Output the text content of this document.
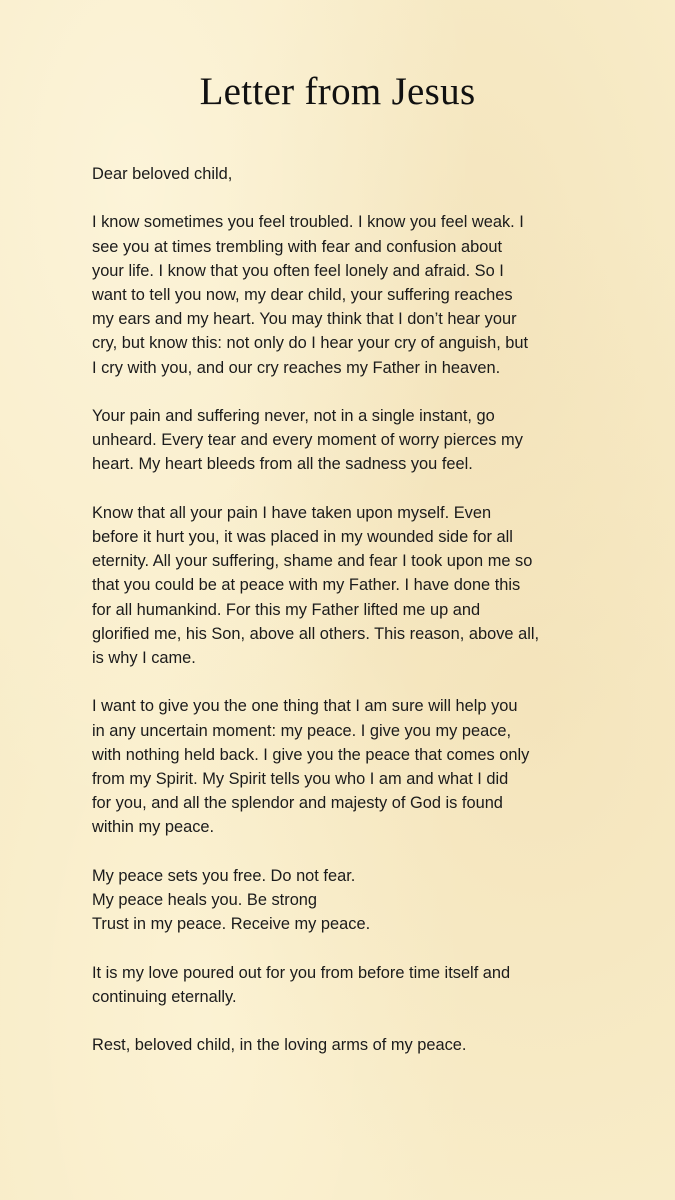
Letter from Jesus

Dear beloved child,

I know sometimes you feel troubled. I know you feel weak. I
see you at times trembling with fear and confusion about
your life. I know that you often feel lonely and afraid. So I
want to tell you now, my dear child, your suffering reaches
my ears and my heart. You may think that I don’t hear your
cry, but know this: not only do I hear your cry of anguish, but
I cry with you, and our cry reaches my Father in heaven.

Your pain and suffering never, not in a single instant, go
unheard. Every tear and every moment of worry pierces my
heart. My heart bleeds from all the sadness you feel.

Know that all your pain I have taken upon myself. Even
before it hurt you, it was placed in my wounded side for all
eternity. All your suffering, shame and fear I took upon me so
that you could be at peace with my Father. I have done this
for all humankind. For this my Father lifted me up and
glorified me, his Son, above all others. This reason, above all,
is why I came.

I want to give you the one thing that I am sure will help you
in any uncertain moment: my peace. I give you my peace,
with nothing held back. I give you the peace that comes only
from my Spirit. My Spirit tells you who I am and what I did
for you, and all the splendor and majesty of God is found
within my peace.

My peace sets you free. Do not fear.
My peace heals you. Be strong
Trust in my peace. Receive my peace.

It is my love poured out for you from before time itself and
continuing eternally.

Rest, beloved child, in the loving arms of my peace.
